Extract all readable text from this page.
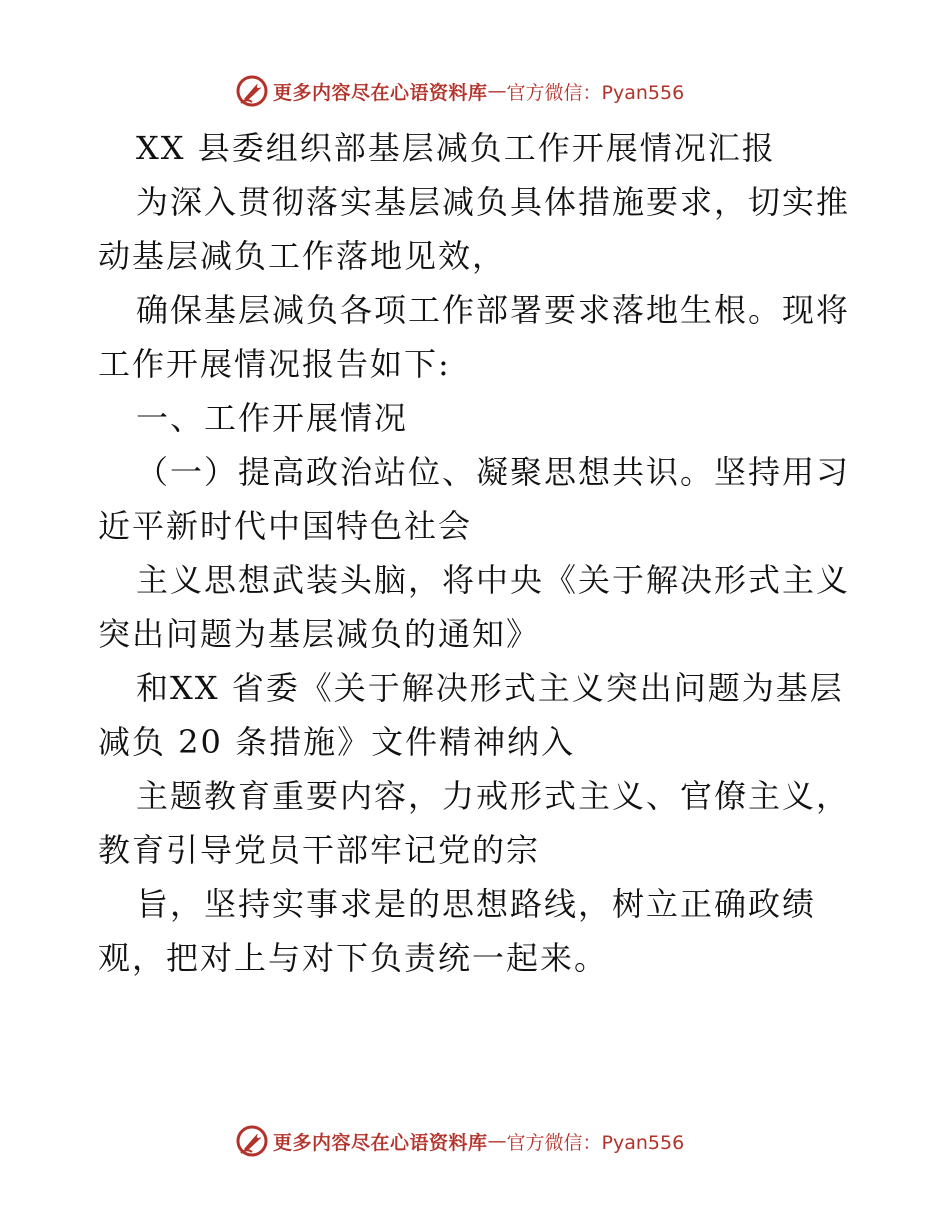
更多内容尽在心语资料库 — 官方微信：Pyan556

XX 县委组织部基层减负工作开展情况汇报

为深入贯彻落实基层减负具体措施要求，切实推

动基层减负工作落地见效，

确保基层减负各项工作部署要求落地生根。现将

工作开展情况报告如下:

一、工作开展情况

（一）提高政治站位、凝聚思想共识。坚持用习

近平新时代中国特色社会

主义思想武装头脑，将中央《关于解决形式主义

突出问题为基层减负的通知》

和XX 省委《关于解决形式主义突出问题为基层

减负 20 条措施》文件精神纳入

主题教育重要内容，力戒形式主义、官僚主义，

教育引导党员干部牢记党的宗

旨，坚持实事求是的思想路线，树立正确政绩

观，把对上与对下负责统一起来。

更多内容尽在心语资料库 — 官方微信：Pyan556
